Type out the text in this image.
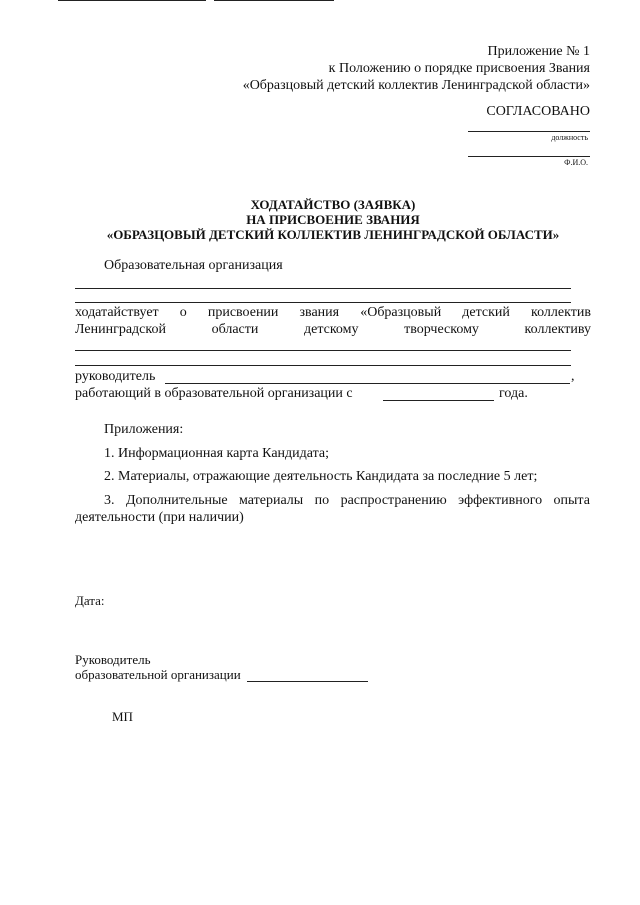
Приложение № 1
к Положению о порядке присвоения Звания
«Образцовый детский коллектив Ленинградской области»
СОГЛАСОВАНО
должность
Ф.И.О.
ХОДАТАЙСТВО (ЗАЯВКА)
НА ПРИСВОЕНИЕ ЗВАНИЯ
«ОБРАЗЦОВЫЙ ДЕТСКИЙ КОЛЛЕКТИВ ЛЕНИНГРАДСКОЙ ОБЛАСТИ»
Образовательная организация
ходатайствует о присвоении звания «Образцовый детский коллектив
Ленинградской	области	детскому	творческому	коллективу
руководитель	,
работающий в образовательной организации с	года.
Приложения:
1. Информационная карта Кандидата;
2. Материалы, отражающие деятельность Кандидата за последние 5 лет;
3. Дополнительные материалы по распространению эффективного опыта
деятельности (при наличии)
Дата:
Руководитель
образовательной организации
МП
